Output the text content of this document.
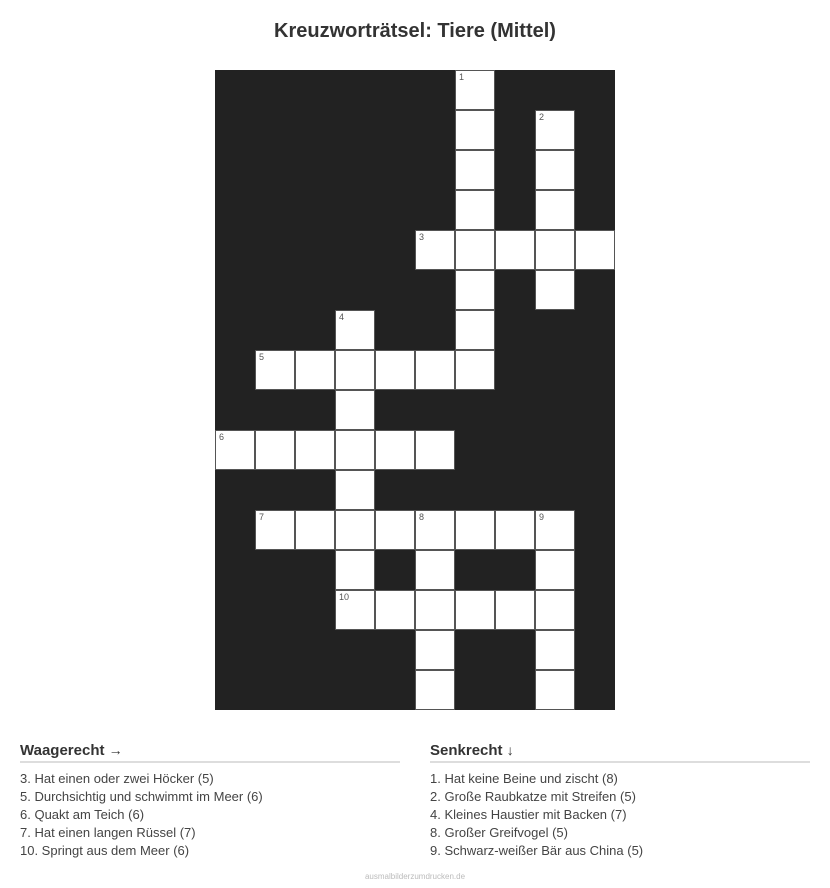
Kreuzworträtsel: Tiere (Mittel)
1
2
3
4
5
6
7	8	9
10
Waagerecht →
3. Hat einen oder zwei Höcker (5)
5. Durchsichtig und schwimmt im Meer (6)
6. Quakt am Teich (6)
7. Hat einen langen Rüssel (7)
10. Springt aus dem Meer (6)
Senkrecht ↓
1. Hat keine Beine und zischt (8)
2. Große Raubkatze mit Streifen (5)
4. Kleines Haustier mit Backen (7)
8. Großer Greifvogel (5)
9. Schwarz-weißer Bär aus China (5)
ausmalbilderzumdrucken.de
